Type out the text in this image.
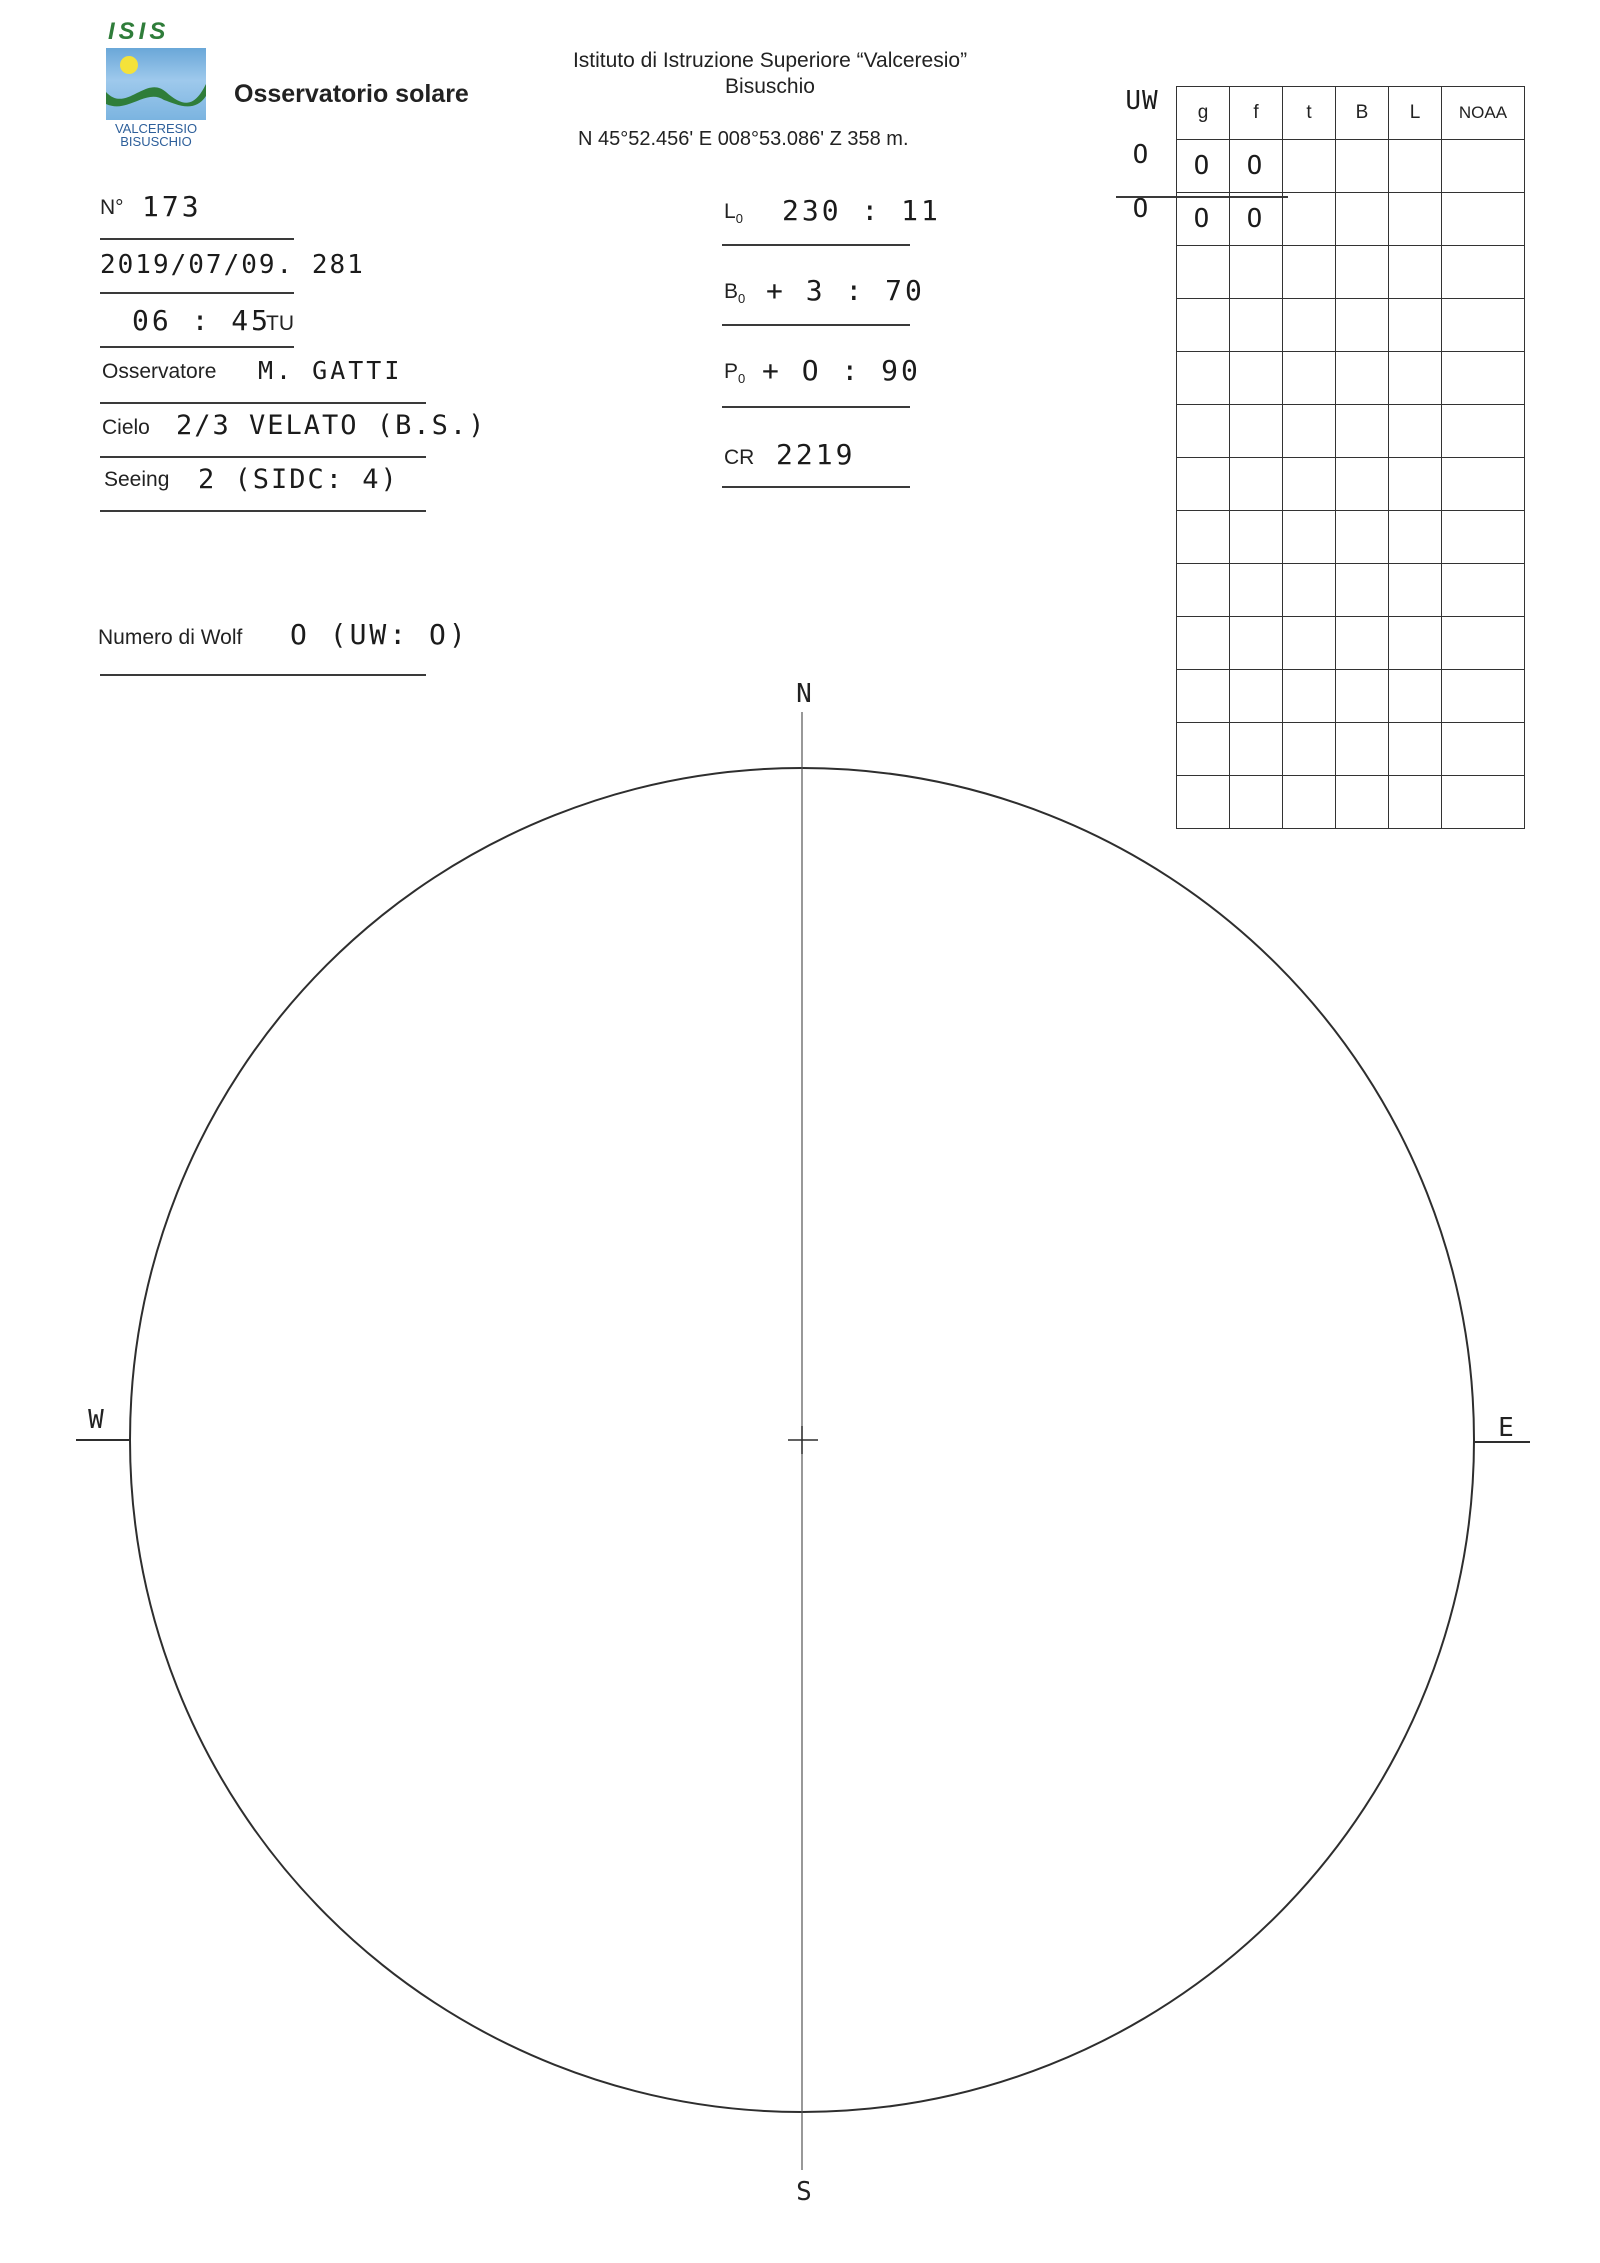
ISIS
VALCERESIO
BISUSCHIO
Osservatorio solare
Istituto di Istruzione Superiore “Valceresio”
Bisuschio
N 45°52.456' E 008°53.086' Z 358 m.
N° 173
2019/07/09. 281
06 : 45
TU
Osservatore M. GATTI
Cielo 2/3 VELATO (B.S.)
Seeing 2 (SIDC: 4)
Numero di Wolf O (UW: O)
$L_0$ 230 : 11
$B_0 + 3$ : 70
$P_0 + O$ : 90
CR 2219
UW
O
O
g	f	t	B	L	NOAA
O	O				
O	O				

N
S
W	E
